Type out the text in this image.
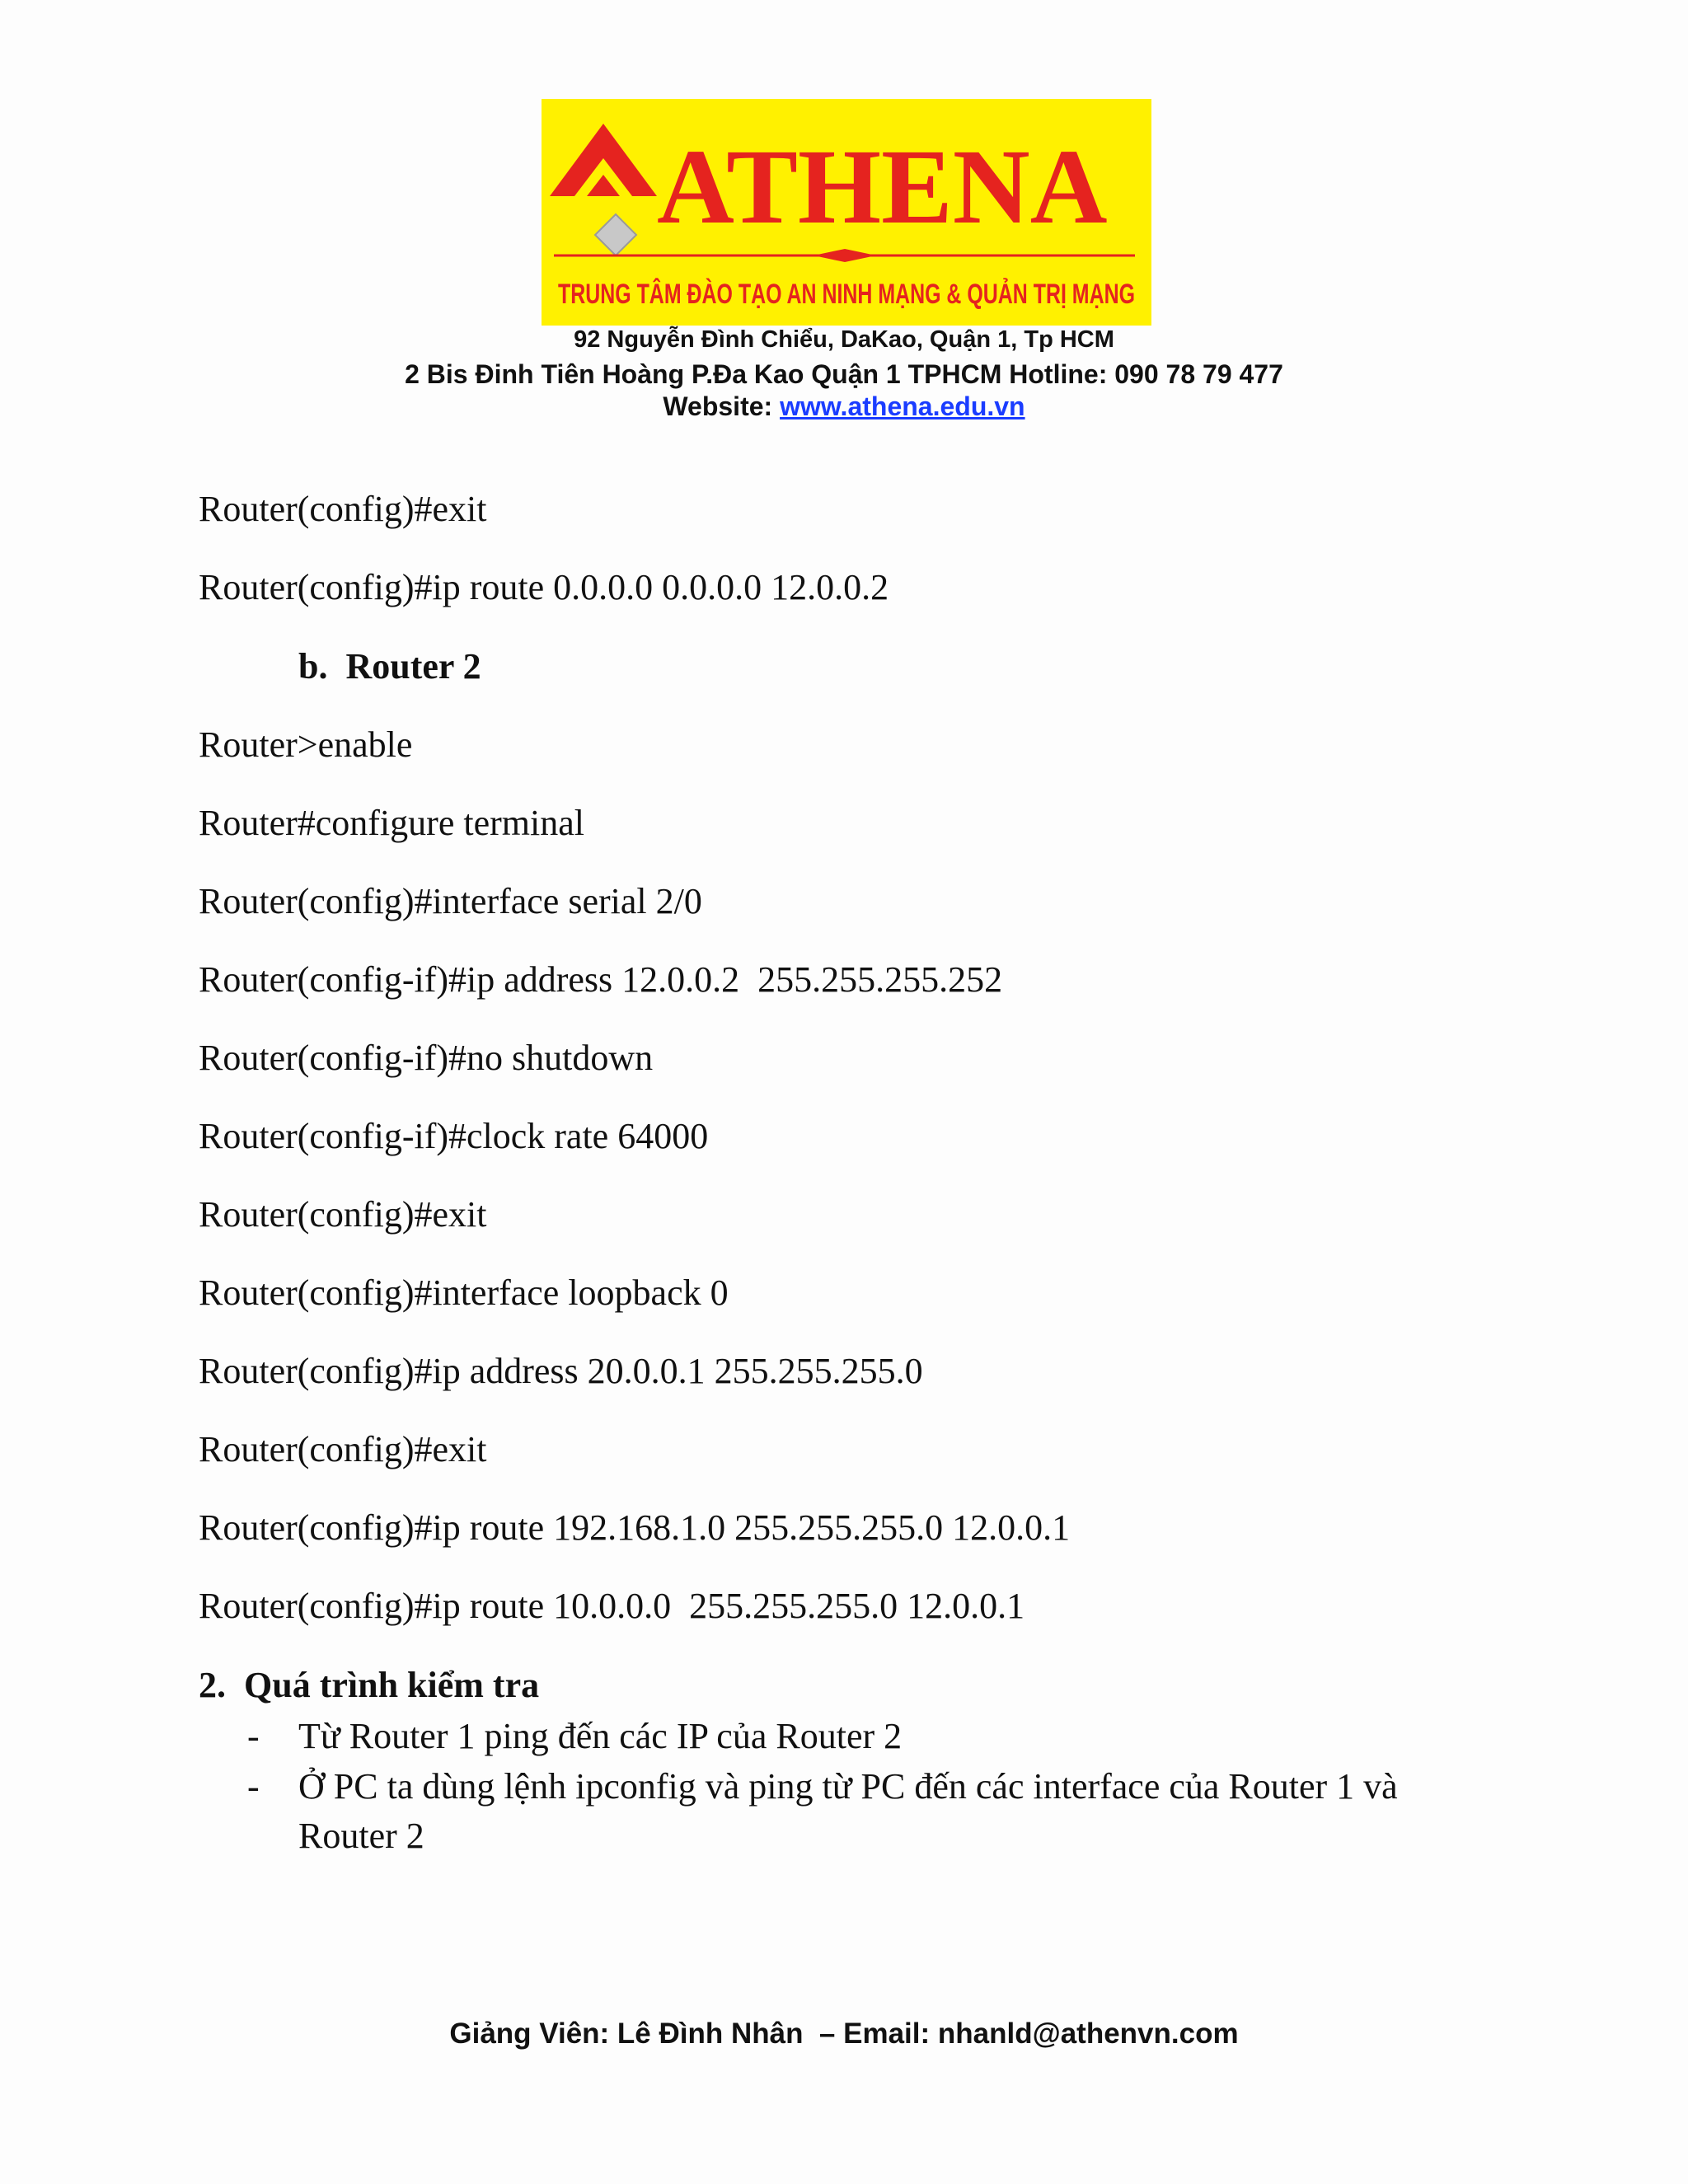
ATHENA
TRUNG TÂM ĐÀO TẠO AN NINH MẠNG & QUẢN TRỊ MẠNG
92 Nguyễn Đình Chiểu, DaKao, Quận 1, Tp HCM
2 Bis Đinh Tiên Hoàng P.Đa Kao Quận 1 TPHCM Hotline: 090 78 79 477
Website: www.athena.edu.vn
Router(config)#exit
Router(config)#ip route 0.0.0.0 0.0.0.0 12.0.0.2
b. Router 2
Router>enable
Router#configure terminal
Router(config)#interface serial 2/0
Router(config-if)#ip address 12.0.0.2  255.255.255.252
Router(config-if)#no shutdown
Router(config-if)#clock rate 64000
Router(config)#exit
Router(config)#interface loopback 0
Router(config)#ip address 20.0.0.1 255.255.255.0
Router(config)#exit
Router(config)#ip route 192.168.1.0 255.255.255.0 12.0.0.1
Router(config)#ip route 10.0.0.0  255.255.255.0 12.0.0.1
2. Quá trình kiểm tra
- Từ Router 1 ping đến các IP của Router 2
- Ở PC ta dùng lệnh ipconfig và ping từ PC đến các interface của Router 1 và
Router 2
Giảng Viên: Lê Đình Nhân  – Email: nhanld@athenvn.com
